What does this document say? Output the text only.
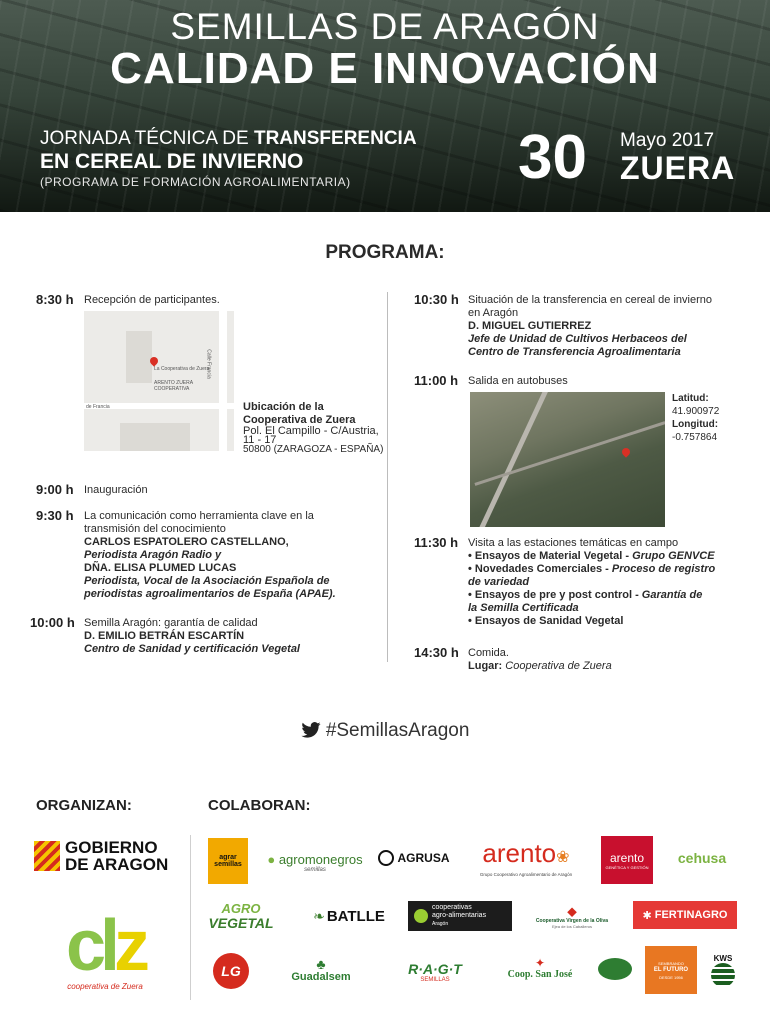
SEMILLAS DE ARAGÓN
CALIDAD E INNOVACIÓN
JORNADA TÉCNICA DE TRANSFERENCIA
EN CEREAL DE INVIERNO
(PROGRAMA DE FORMACIÓN AGROALIMENTARIA)	30 Mayo 2017
ZUERA
PROGRAMA:
8:30 h Recepción de participantes.
La Cooperativa de Zuera
ARENTO ZUERA COOPERATIVA
de Francia
Calle Francia
Ubicación de la Cooperativa de Zuera
Pol. El Campillo - C/Austria,
11 - 17
50800 (ZARAGOZA - ESPAÑA)
9:00 h Inauguración
9:30 h La comunicación como herramienta clave en la
transmisión del conocimiento
CARLOS ESPATOLERO CASTELLANO,
Periodista Aragón Radio y
DÑA. ELISA PLUMED LUCAS
Periodista, Vocal de la Asociación Española de
periodistas agroalimentarios de España (APAE).
10:00 h Semilla Aragón: garantía de calidad
D. EMILIO BETRÁN ESCARTÍN
Centro de Sanidad y certificación Vegetal
10:30 h Situación de la transferencia en cereal de invierno
en Aragón
D. MIGUEL GUTIERREZ
Jefe de Unidad de Cultivos Herbaceos del
Centro de Transferencia Agroalimentaria
11:00 h Salida en autobuses
Latitud:
41.900972
Longitud:
-0.757864
11:30 h Visita a las estaciones temáticas en campo
• Ensayos de Material Vegetal - Grupo GENVCE
• Novedades Comerciales - Proceso de registro
de variedad
• Ensayos de pre y post control - Garantía de
la Semilla Certificada
• Ensayos de Sanidad Vegetal
14:30 h Comida.
Lugar: Cooperativa de Zuera
#SemillasAragon
ORGANIZAN:	COLABORAN:
GOBIERNO
DE ARAGON
clz
cooperativa de Zuera
agrar semillas	● agromonegros
semillas
AGRUSA arento❀
Grupo Cooperativo Agroalimentario de Aragón
arento
GENÉTICA Y GESTIÓN
cehusa
AGRO
VEGETAL	❧ BATLLE	cooperativas
agro-alimentarias
Aragón
⬥
Cooperativa Virgen de la Oliva
Ejea de los Caballeros
✱ FERTINAGRO
LG	♣
Guadalsem	R·A·G·T
SEMILLAS
✦
Coop. San José
SEMBRANDO
EL FUTURO
DESDE 1956
KWS
